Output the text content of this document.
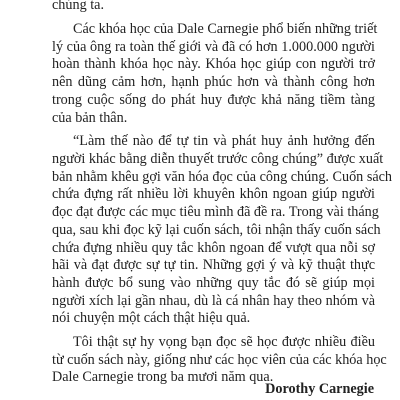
chúng ta.
Các khóa học của Dale Carnegie phổ biến những triết
lý của ông ra toàn thế giới và đã có hơn 1.000.000 người
hoàn thành khóa học này. Khóa học giúp con người trở
nên dũng cảm hơn, hạnh phúc hơn và thành công hơn
trong cuộc sống do phát huy được khả năng tiềm tàng
của bản thân.
“Làm thế nào để tự tin và phát huy ảnh hưởng đến
người khác bằng diễn thuyết trước công chúng” được xuất
bản nhằm khêu gợi văn hóa đọc của công chúng. Cuốn sách
chứa đựng rất nhiều lời khuyên khôn ngoan giúp người
đọc đạt được các mục tiêu mình đã đề ra. Trong vài tháng
qua, sau khi đọc kỹ lại cuốn sách, tôi nhận thấy cuốn sách
chứa đựng nhiều quy tắc khôn ngoan để vượt qua nỗi sợ
hãi và đạt được sự tự tin. Những gợi ý và kỹ thuật thực
hành được bổ sung vào những quy tắc đó sẽ giúp mọi
người xích lại gần nhau, dù là cá nhân hay theo nhóm và
nói chuyện một cách thật hiệu quả.
Tôi thật sự hy vọng bạn đọc sẽ học được nhiều điều
từ cuốn sách này, giống như các học viên của các khóa học
Dale Carnegie trong ba mươi năm qua.
Dorothy Carnegie
